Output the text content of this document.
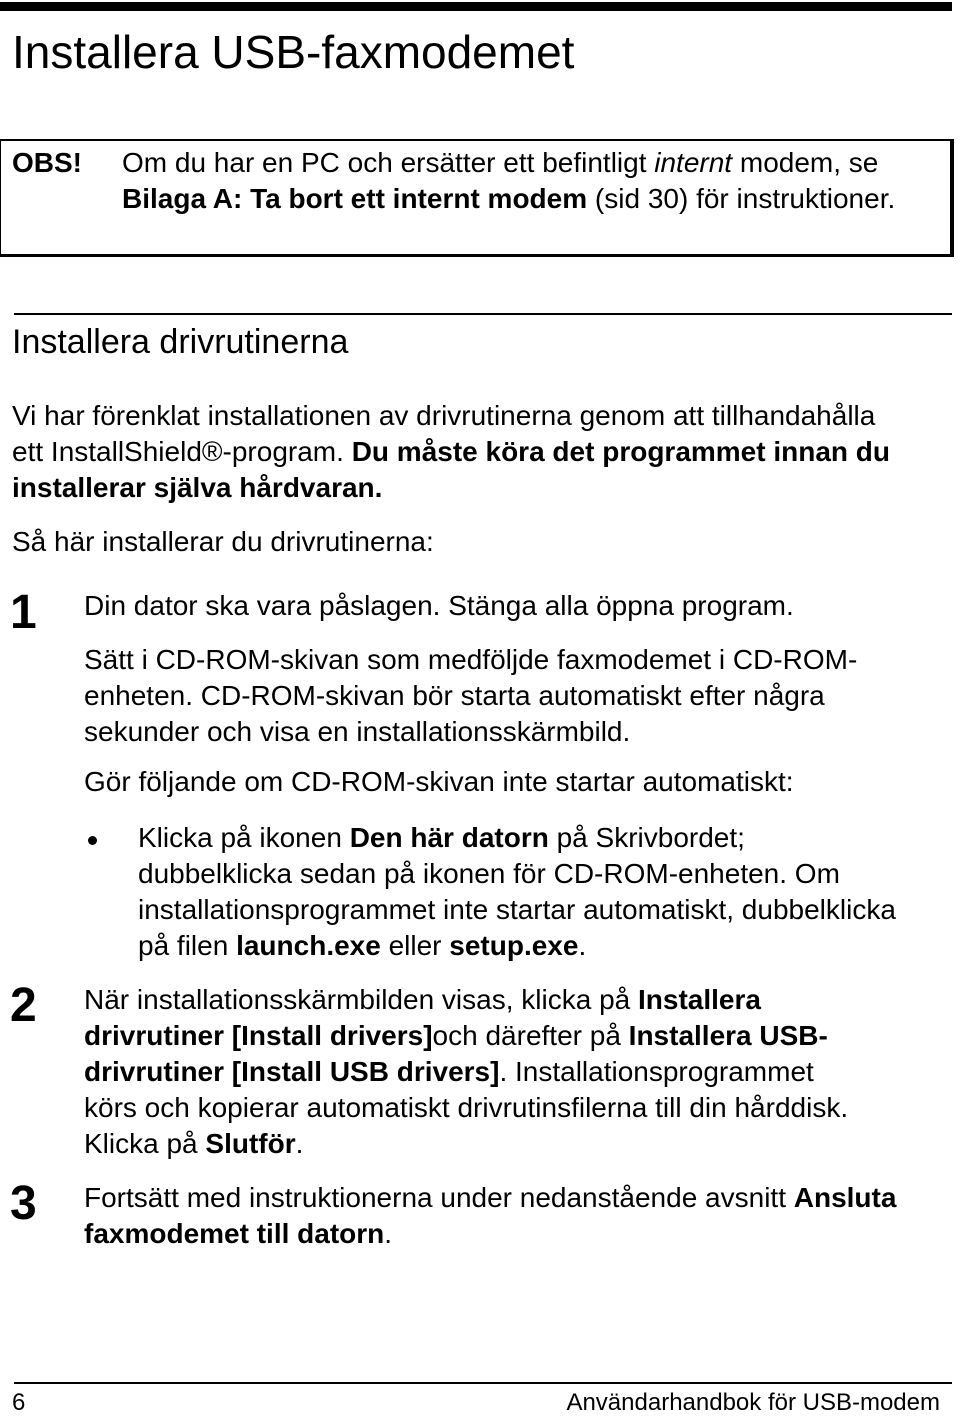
Installera USB-faxmodemet
OBS! Om du har en PC och ersätter ett befintligt internt modem, se Bilaga A: Ta bort ett internt modem (sid 30) för instruktioner.
Installera drivrutinerna
Vi har förenklat installationen av drivrutinerna genom att tillhandahålla ett InstallShield®-program. Du måste köra det programmet innan du installerar själva hårdvaran.
Så här installerar du drivrutinerna:
1 Din dator ska vara påslagen. Stänga alla öppna program.
Sätt i CD-ROM-skivan som medföljde faxmodemet i CD-ROM-enheten. CD-ROM-skivan bör starta automatiskt efter några sekunder och visa en installationsskärmbild.
Gör följande om CD-ROM-skivan inte startar automatiskt:
Klicka på ikonen Den här datorn på Skrivbordet; dubbelklicka sedan på ikonen för CD-ROM-enheten. Om installationsprogrammet inte startar automatiskt, dubbelklicka på filen launch.exe eller setup.exe.
2 När installationsskärmbilden visas, klicka på Installera drivrutiner [Install drivers]och därefter på Installera USB-drivrutiner [Install USB drivers]. Installationsprogrammet körs och kopierar automatiskt drivrutinsfilerna till din hårddisk. Klicka på Slutför.
3 Fortsätt med instruktionerna under nedanstående avsnitt Ansluta faxmodemet till datorn.
6	Användarhandbok för USB-modem
